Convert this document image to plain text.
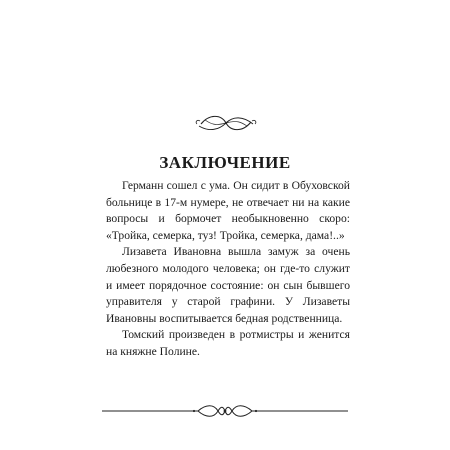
ЗАКЛЮЧЕНИЕ

Германн сошел с ума. Он сидит в Обуховской больнице в 17-м нумере, не отвечает ни на какие вопросы и бормочет необыкновенно скоро: «Тройка, семерка, туз! Тройка, семерка, дама!..»

Лизавета Ивановна вышла замуж за очень любезного молодого человека; он где-то служит и имеет порядочное состояние: он сын бывшего управителя у старой графини. У Лизаветы Ивановны воспитывается бедная родственница.

Томский произведен в ротмистры и женится на княжне Полине.
